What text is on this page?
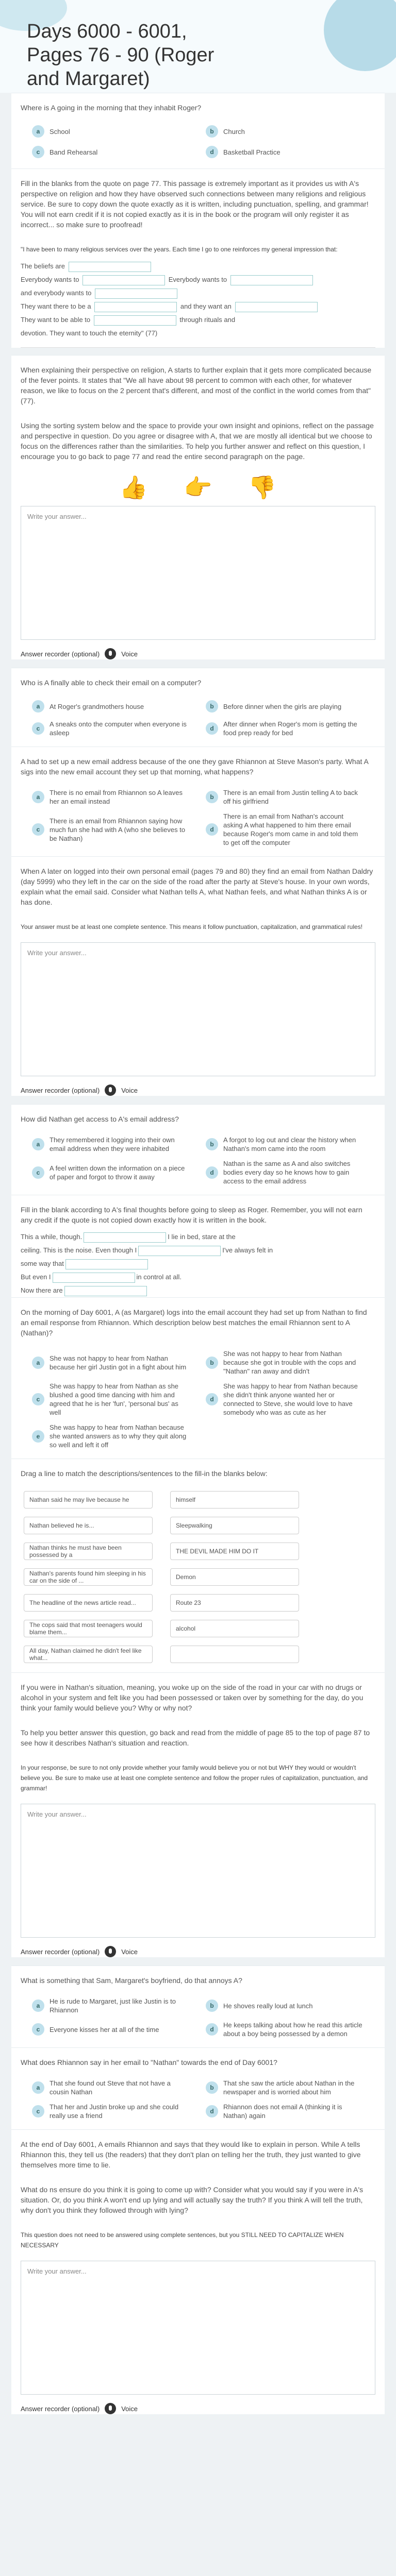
Days 6000 - 6001, Pages 76 - 90 (Roger and Margaret)
Where is A going in the morning that they inhabit Roger?
a	School	b	Church
c	Band Rehearsal	d	Basketball Practice
Fill in the blanks from the quote on page 77. This passage is extremely important as it provides us with A's perspective on religion and how they have observed such connections between many religions and religious service. Be sure to copy down the quote exactly as it is written, including punctuation, spelling, and grammar! You will not earn credit if it is not copied exactly as it is in the book or the program will only register it as incorrect... so make sure to proofread!
"I have been to many religious services over the years. Each time I go to one reinforces my general impression that:
The beliefs are
Everybody wants to	Everybody wants to
and everybody wants to
They want there to be a	and they want an
They want to be able to	through rituals and
devotion. They want to touch the eternity" (77)
When explaining their perspective on religion, A starts to further explain that it gets more complicated because of the fever points. It states that "We all have about 98 percent to common with each other, for whatever reason, we like to focus on the 2 percent that's different, and most of the conflict in the world comes from that" (77).
Using the sorting system below and the space to provide your own insight and opinions, reflect on the passage and perspective in question. Do you agree or disagree with A, that we are mostly all identical but we choose to focus on the differences rather than the similarities. To help you further answer and reflect on this question, I encourage you to go back to page 77 and read the entire second paragraph on the page.
👍 👉 👎
Write your answer...
Answer recorder (optional)	Voice
Who is A finally able to check their email on a computer?
a	At Roger's grandmothers house	b	Before dinner when the girls are playing
c
A sneaks onto the computer when everyone is asleep
d
After dinner when Roger's mom is getting the food prep ready for bed
A had to set up a new email address because of the one they gave Rhiannon at Steve Mason's party. What A sigs into the new email account they set up that morning, what happens?
a
There is no email from Rhiannon so A leaves her an email instead
b
There is an email from Justin telling A to back off his girlfriend
c
There is an email from Rhiannon saying how much fun she had with A (who she believes to be Nathan)
d
There is an email from Nathan's account asking A what happened to him there email because Roger's mom came in and told them to get off the computer
When A later on logged into their own personal email (pages 79 and 80) they find an email from Nathan Daldry (day 5999) who they left in the car on the side of the road after the party at Steve's house. In your own words, explain what the email said. Consider what Nathan tells A, what Nathan feels, and what Nathan thinks A is or has done.
Your answer must be at least one complete sentence. This means it follow punctuation, capitalization, and grammatical rules!
Write your answer...
Answer recorder (optional)	Voice
How did Nathan get access to A's email address?
a
They remembered it logging into their own email address when they were inhabited
b
A forgot to log out and clear the history when Nathan's mom came into the room
c
A feel written down the information on a piece of paper and forgot to throw it away
d
Nathan is the same as A and also switches bodies every day so he knows how to gain access to the email address
Fill in the blank according to A's final thoughts before going to sleep as Roger. Remember, you will not earn any credit if the quote is not copied down exactly how it is written in the book.
This a while, though.	I lie in bed, stare at the
ceiling. This is the noise. Even though I	I've always felt in
some way that
But even I	in control at all.
Now there are
On the morning of Day 6001, A (as Margaret) logs into the email account they had set up from Nathan to find an email response from Rhiannon. Which description below best matches the email Rhiannon sent to A (Nathan)?
a
She was not happy to hear from Nathan because her girl Justin got in a fight about him
b
She was not happy to hear from Nathan because she got in trouble with the cops and "Nathan" ran away and didn't
c
She was happy to hear from Nathan as she blushed a good time dancing with him and agreed that he is her 'fun', 'personal bus' as well
d
She was happy to hear from Nathan because she didn't think anyone wanted her or connected to Steve, she would love to have somebody who was as cute as her
e
She was happy to hear from Nathan because she wanted answers as to why they quit along so well and left it off
Drag a line to match the descriptions/sentences to the fill-in the blanks below:
Nathan said he may live because he	himself
Nathan believed he is...	Sleepwalking
Nathan thinks he must have been possessed by a	THE DEVIL MADE HIM DO IT
Nathan's parents found him sleeping in his car on the side of ...	Demon
The headline of the news article read...	Route 23
The cops said that most teenagers would blame them...	alcohol
All day, Nathan claimed he didn't feel like what...
If you were in Nathan's situation, meaning, you woke up on the side of the road in your car with no drugs or alcohol in your system and felt like you had been possessed or taken over by something for the day, do you think your family would believe you? Why or why not?
To help you better answer this question, go back and read from the middle of page 85 to the top of page 87 to see how it describes Nathan's situation and reaction.
In your response, be sure to not only provide whether your family would believe you or not but WHY they would or wouldn't believe you. Be sure to make use at least one complete sentence and follow the proper rules of capitalization, punctuation, and grammar!
Write your answer...
Answer recorder (optional)	Voice
What is something that Sam, Margaret's boyfriend, do that annoys A?
a
He is rude to Margaret, just like Justin is to Rhiannon
b	He shoves really loud at lunch
c	Everyone kisses her at all of the time	d
He keeps talking about how he read this article about a boy being possessed by a demon
What does Rhiannon say in her email to "Nathan" towards the end of Day 6001?
a
That she found out Steve that not have a cousin Nathan
b
That she saw the article about Nathan in the newspaper and is worried about him
c
That her and Justin broke up and she could really use a friend
d
Rhiannon does not email A (thinking it is Nathan) again
At the end of Day 6001, A emails Rhiannon and says that they would like to explain in person. While A tells Rhiannon this, they tell us (the readers) that they don't plan on telling her the truth, they just wanted to give themselves more time to lie.
What do ns ensure do you think it is going to come up with? Consider what you would say if you were in A's situation. Or, do you think A won't end up lying and will actually say the truth? If you think A will tell the truth, why don't you think they followed through with lying?
This question does not need to be answered using complete sentences, but you STILL NEED TO CAPITALIZE WHEN NECESSARY
Write your answer...
Answer recorder (optional)	Voice
